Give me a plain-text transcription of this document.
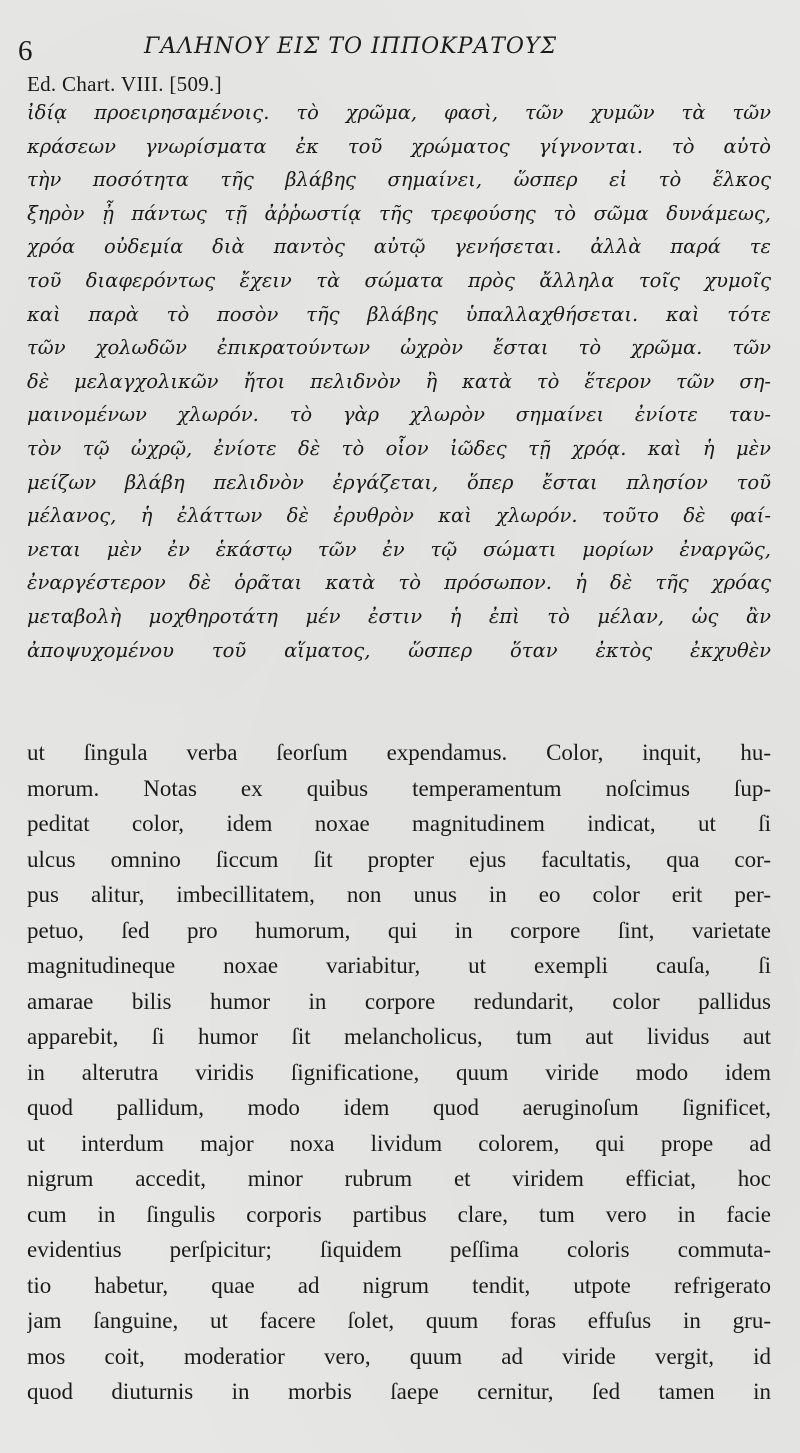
6	ΓΑΛΗΝΟΥ ΕΙΣ ΤΟ ΙΠΠΟΚΡΑΤΟΥΣ
Ed. Chart. VIII. [509.]
ἰδίᾳ προειρησαμένοις. τὸ χρῶμα, φασὶ, τῶν χυμῶν τὰ τῶν
κράσεων γνωρίσματα ἐκ τοῦ χρώματος γίγνονται. τὸ αὐτὸ
τὴν ποσότητα τῆς βλάβης σημαίνει, ὥσπερ εἰ τὸ ἕλκος
ξηρὸν ᾖ πάντως τῇ ἀῤῥωστίᾳ τῆς τρεφούσης τὸ σῶμα δυνάμεως,
χρόα οὐδεμία διὰ παντὸς αὐτῷ γενήσεται. ἀλλὰ παρά τε
τοῦ διαφερόντως ἔχειν τὰ σώματα πρὸς ἄλληλα τοῖς χυμοῖς
καὶ παρὰ τὸ ποσὸν τῆς βλάβης ὑπαλλαχθήσεται. καὶ τότε
τῶν χολωδῶν ἐπικρατούντων ὠχρὸν ἔσται τὸ χρῶμα. τῶν
δὲ μελαγχολικῶν ἤτοι πελιδνὸν ἢ κατὰ τὸ ἕτερον τῶν ση-
μαινομένων χλωρόν. τὸ γὰρ χλωρὸν σημαίνει ἐνίοτε ταυ-
τὸν τῷ ὠχρῷ, ἐνίοτε δὲ τὸ οἷον ἰῶδες τῇ χρόᾳ. καὶ ἡ μὲν
μείζων βλάβη πελιδνὸν ἐργάζεται, ὅπερ ἔσται πλησίον τοῦ
μέλανος, ἡ ἐλάττων δὲ ἐρυθρὸν καὶ χλωρόν. τοῦτο δὲ φαί-
νεται μὲν ἐν ἑκάστῳ τῶν ἐν τῷ σώματι μορίων ἐναργῶς,
ἐναργέστερον δὲ ὁρᾶται κατὰ τὸ πρόσωπον. ἡ δὲ τῆς χρόας
μεταβολὴ μοχθηροτάτη μέν ἐστιν ἡ ἐπὶ τὸ μέλαν, ὡς ἂν
ἀποψυχομένου τοῦ αἵματος, ὥσπερ ὅταν ἐκτὸς ἐκχυθὲν
ut ſingula verba ſeorſum expendamus. Color, inquit, hu-
morum. Notas ex quibus temperamentum noſcimus ſup-
peditat color, idem noxae magnitudinem indicat, ut ſi
ulcus omnino ſiccum ſit propter ejus facultatis, qua cor-
pus alitur, imbecillitatem, non unus in eo color erit per-
petuo, ſed pro humorum, qui in corpore ſint, varietate
magnitudineque noxae variabitur, ut exempli cauſa, ſi
amarae bilis humor in corpore redundarit, color pallidus
apparebit, ſi humor ſit melancholicus, tum aut lividus aut
in alterutra viridis ſignificatione, quum viride modo idem
quod pallidum, modo idem quod aeruginoſum ſignificet,
ut interdum major noxa lividum colorem, qui prope ad
nigrum accedit, minor rubrum et viridem efficiat, hoc
cum in ſingulis corporis partibus clare, tum vero in facie
evidentius perſpicitur; ſiquidem peſſima coloris commuta-
tio habetur, quae ad nigrum tendit, utpote refrigerato
jam ſanguine, ut facere ſolet, quum foras effuſus in gru-
mos coit, moderatior vero, quum ad viride vergit, id
quod diuturnis in morbis ſaepe cernitur, ſed tamen in
